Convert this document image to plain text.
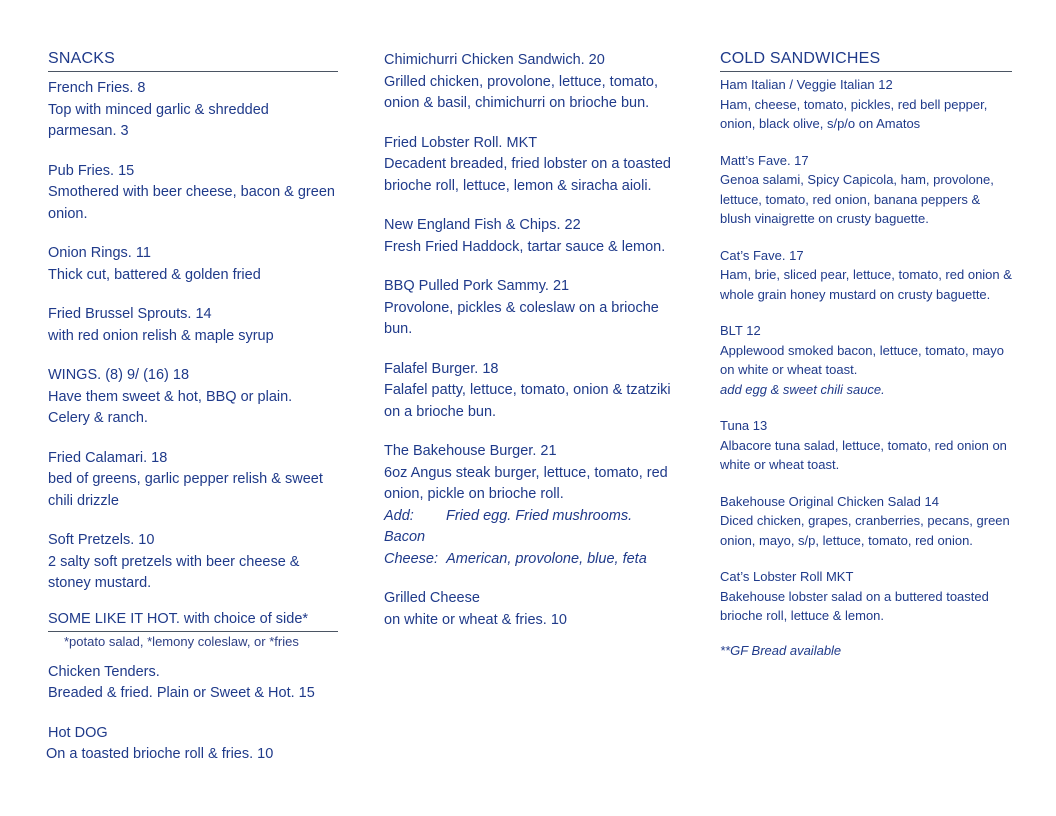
SNACKS
French Fries. 8
Top with minced garlic & shredded parmesan. 3
Pub Fries. 15
Smothered with beer cheese, bacon & green onion.
Onion Rings. 11
Thick cut, battered & golden fried
Fried Brussel Sprouts. 14
with red onion relish & maple syrup
WINGS. (8) 9/ (16) 18
Have them sweet & hot, BBQ or plain. Celery & ranch.
Fried Calamari. 18
bed of greens, garlic pepper relish & sweet chili drizzle
Soft Pretzels. 10
2 salty soft pretzels with beer cheese & stoney mustard.
SOME LIKE IT HOT. with choice of side*
*potato salad, *lemony coleslaw, or *fries
Chicken Tenders.
Breaded & fried. Plain or Sweet & Hot. 15
Hot DOG
On a toasted brioche roll & fries. 10
Chimichurri Chicken Sandwich. 20
Grilled chicken, provolone, lettuce, tomato, onion & basil, chimichurri on brioche bun.
Fried Lobster Roll. MKT
Decadent breaded, fried lobster on a toasted brioche roll, lettuce, lemon & siracha aioli.
New England Fish & Chips. 22
Fresh Fried Haddock, tartar sauce & lemon.
BBQ Pulled Pork Sammy. 21
Provolone, pickles & coleslaw on a brioche bun.
Falafel Burger. 18
Falafel patty, lettuce, tomato, onion & tzatziki on a brioche bun.
The Bakehouse Burger. 21
6oz Angus steak burger, lettuce, tomato, red onion, pickle on brioche roll.
Add: Fried egg. Fried mushrooms. Bacon
Cheese: American, provolone, blue, feta
Grilled Cheese
on white or wheat & fries. 10
COLD SANDWICHES
Ham Italian / Veggie Italian 12
Ham, cheese, tomato, pickles, red bell pepper, onion, black olive, s/p/o on Amatos
Matt’s Fave. 17
Genoa salami, Spicy Capicola, ham, provolone, lettuce, tomato, red onion, banana peppers & blush vinaigrette on crusty baguette.
Cat’s Fave. 17
Ham, brie, sliced pear, lettuce, tomato, red onion & whole grain honey mustard on crusty baguette.
BLT 12
Applewood smoked bacon, lettuce, tomato, mayo on white or wheat toast.
add egg & sweet chili sauce.
Tuna 13
Albacore tuna salad, lettuce, tomato, red onion on white or wheat toast.
Bakehouse Original Chicken Salad 14
Diced chicken, grapes, cranberries, pecans, green onion, mayo, s/p, lettuce, tomato, red onion.
Cat’s Lobster Roll MKT
Bakehouse lobster salad on a buttered toasted brioche roll, lettuce & lemon.
**GF Bread available
